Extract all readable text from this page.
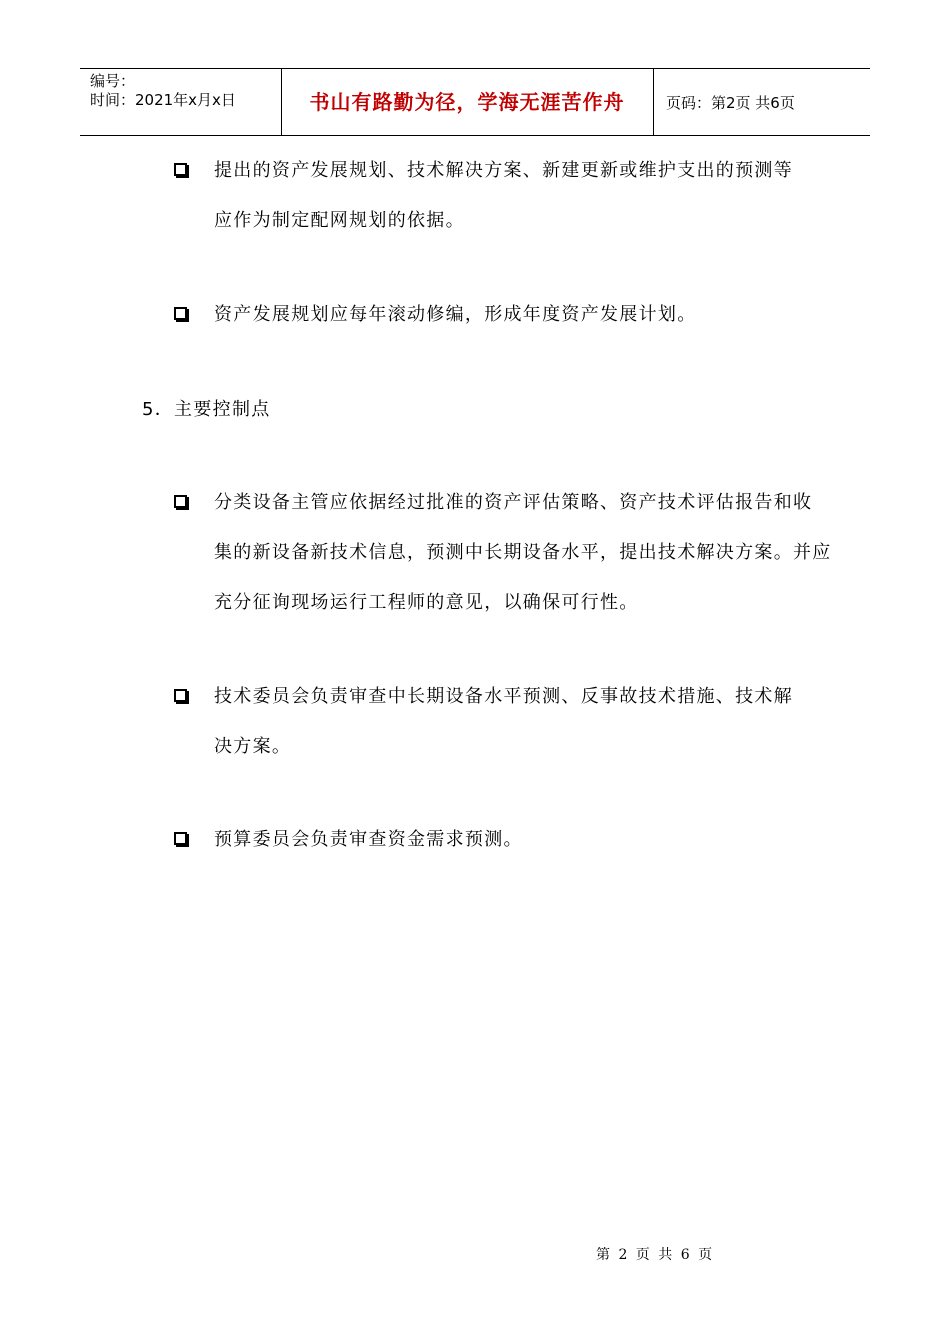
编号：
时间：2021年x月x日	书山有路勤为径，学海无涯苦作舟	页码：第2页 共6页
提出的资产发展规划、技术解决方案、新建更新或维护支出的预测等
应作为制定配网规划的依据。
资产发展规划应每年滚动修编，形成年度资产发展计划。
5．主要控制点
分类设备主管应依据经过批准的资产评估策略、资产技术评估报告和收
集的新设备新技术信息，预测中长期设备水平，提出技术解决方案。并应
充分征询现场运行工程师的意见，以确保可行性。
技术委员会负责审查中长期设备水平预测、反事故技术措施、技术解
决方案。
预算委员会负责审查资金需求预测。
第 2 页 共 6 页
